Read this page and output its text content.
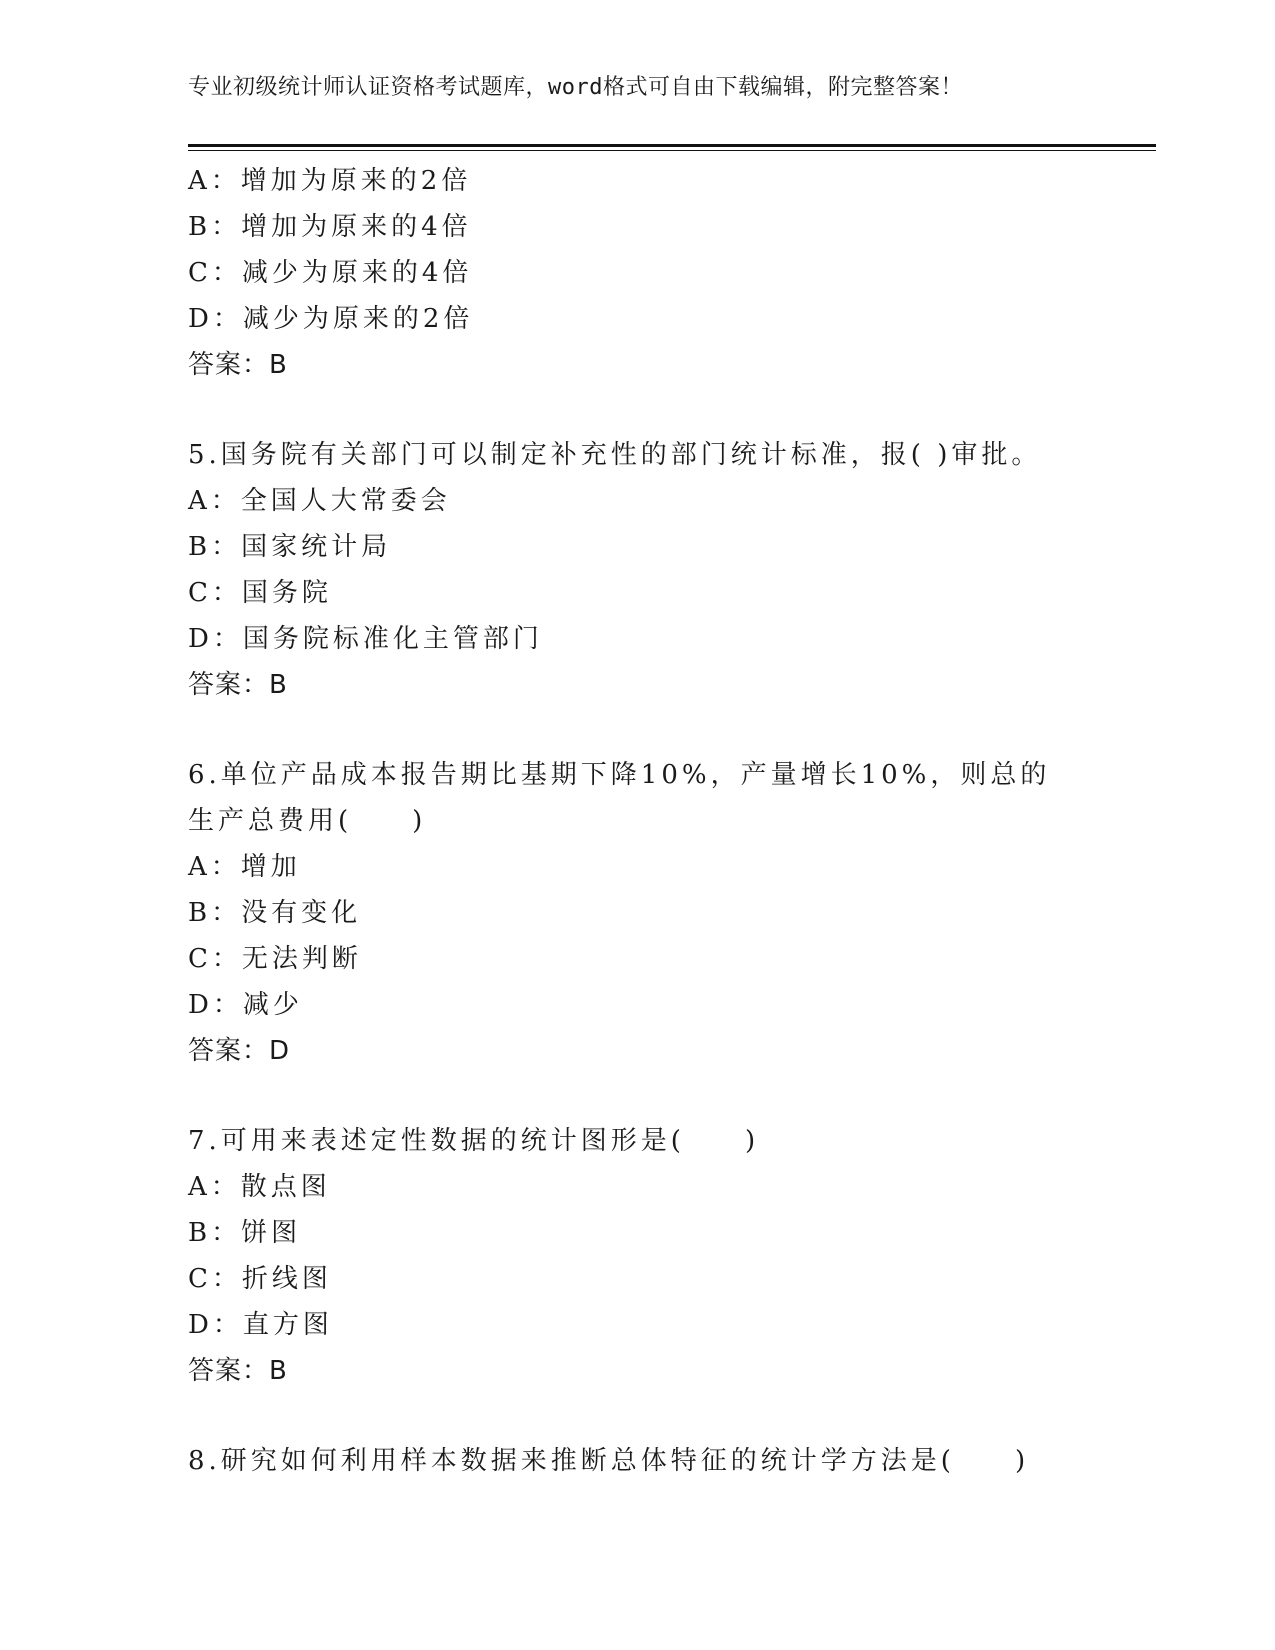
专业初级统计师认证资格考试题库，word格式可自由下载编辑，附完整答案！
A：增加为原来的2倍
B：增加为原来的4倍
C：减少为原来的4倍
D：减少为原来的2倍
答案：B
5.国务院有关部门可以制定补充性的部门统计标准，报( )审批。
A：全国人大常委会
B：国家统计局
C：国务院
D：国务院标准化主管部门
答案：B
6.单位产品成本报告期比基期下降10%，产量增长10%，则总的生产总费用(　　)
A：增加
B：没有变化
C：无法判断
D：减少
答案：D
7.可用来表述定性数据的统计图形是(　　)
A：散点图
B：饼图
C：折线图
D：直方图
答案：B
8.研究如何利用样本数据来推断总体特征的统计学方法是(　　)
